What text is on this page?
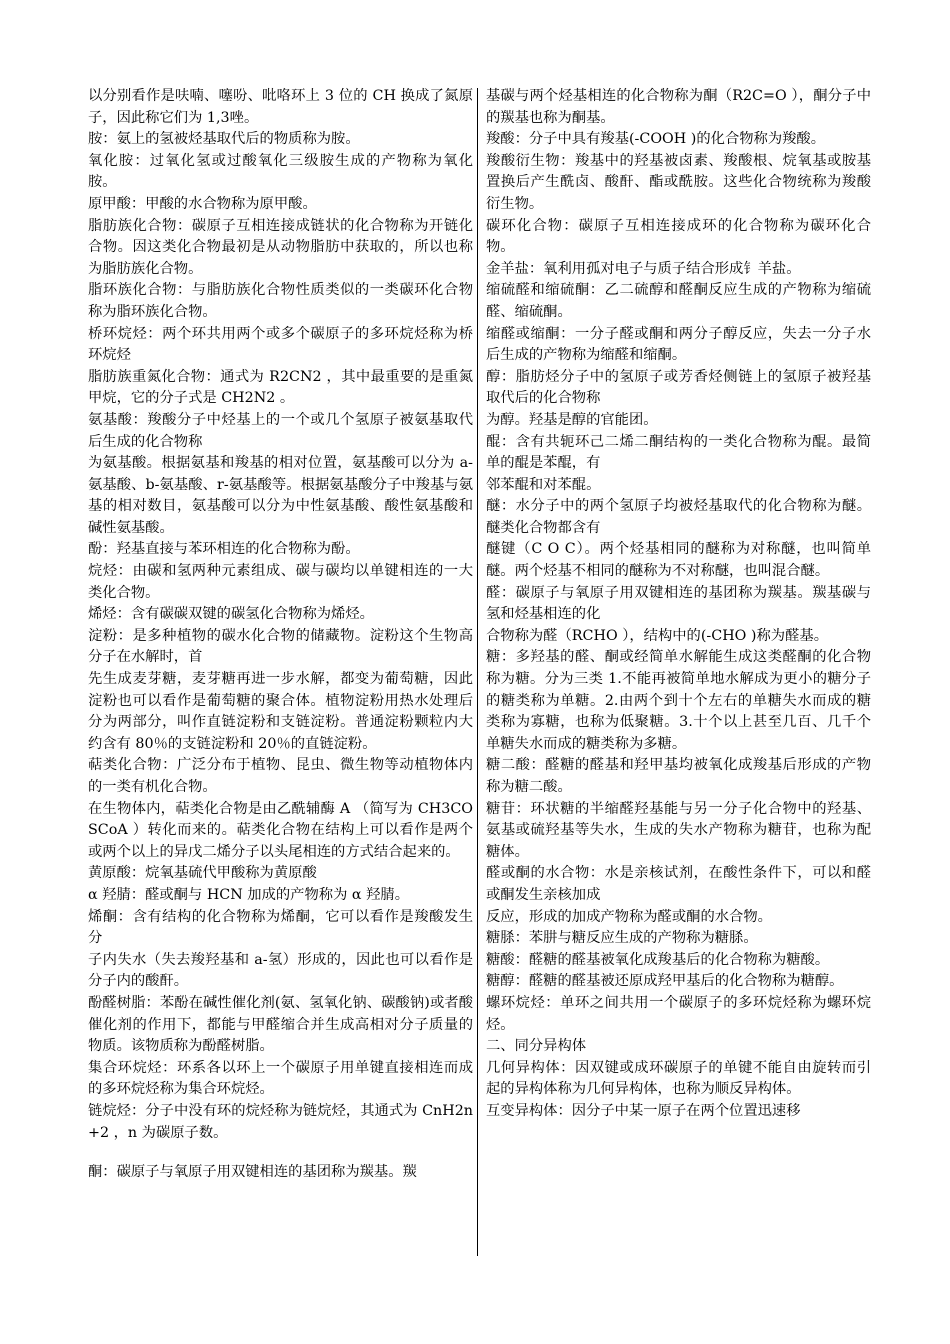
以分别看作是呋喃、噻吩、吡咯环上 3 位的 CH 换成了氮原子，因此称它们为 1,3唑。

胺：氨上的氢被烃基取代后的物质称为胺。

氧化胺：过氧化氢或过酸氧化三级胺生成的产物称为氧化胺。

原甲酸：甲酸的水合物称为原甲酸。

脂肪族化合物：碳原子互相连接成链状的化合物称为开链化合物。因这类化合物最初是从动物脂肪中获取的，所以也称为脂肪族化合物。

脂环族化合物：与脂肪族化合物性质类似的一类碳环化合物称为脂环族化合物。

桥环烷烃：两个环共用两个或多个碳原子的多环烷烃称为桥环烷烃

脂肪族重氮化合物：通式为 R2CN2 ，其中最重要的是重氮甲烷，它的分子式是 CH2N2 。

氨基酸：羧酸分子中烃基上的一个或几个氢原子被氨基取代后生成的化合物称

为氨基酸。根据氨基和羧基的相对位置，氨基酸可以分为 a-氨基酸、b-氨基酸、r-氨基酸等。根据氨基酸分子中羧基与氨基的相对数目，氨基酸可以分为中性氨基酸、酸性氨基酸和碱性氨基酸。

酚：羟基直接与苯环相连的化合物称为酚。

烷烃：由碳和氢两种元素组成、碳与碳均以单键相连的一大类化合物。

烯烃：含有碳碳双键的碳氢化合物称为烯烃。

淀粉：是多种植物的碳水化合物的储藏物。淀粉这个生物高分子在水解时，首

先生成麦芽糖，麦芽糖再进一步水解，都变为葡萄糖，因此淀粉也可以看作是葡萄糖的聚合体。植物淀粉用热水处理后分为两部分，叫作直链淀粉和支链淀粉。普通淀粉颗粒内大约含有 80％的支链淀粉和 20％的直链淀粉。

萜类化合物：广泛分布于植物、昆虫、微生物等动植物体内的一类有机化合物。

在生物体内，萜类化合物是由乙酰辅酶 A （简写为 CH3COSCoA ）转化而来的。萜类化合物在结构上可以看作是两个或两个以上的异戊二烯分子以头尾相连的方式结合起来的。

黄原酸：烷氧基硫代甲酸称为黄原酸

α 羟腈：醛或酮与 HCN 加成的产物称为 α 羟腈。

烯酮：含有结构的化合物称为烯酮，它可以看作是羧酸发生分

子内失水（失去羧羟基和 a-氢）形成的，因此也可以看作是分子内的酸酐。

酚醛树脂：苯酚在碱性催化剂(氨、氢氧化钠、碳酸钠)或者酸催化剂的作用下，都能与甲醛缩合并生成高相对分子质量的物质。该物质称为酚醛树脂。

集合环烷烃：环系各以环上一个碳原子用单键直接相连而成的多环烷烃称为集合环烷烃。

链烷烃：分子中没有环的烷烃称为链烷烃，其通式为 CnH2n+2 ，n 为碳原子数。

酮：碳原子与氧原子用双键相连的基团称为羰基。羰

基碳与两个烃基相连的化合物称为酮（R2C=O ），酮分子中的羰基也称为酮基。

羧酸：分子中具有羧基(-COOH )的化合物称为羧酸。

羧酸衍生物：羧基中的羟基被卤素、羧酸根、烷氧基或胺基置换后产生酰卤、酸酐、酯或酰胺。这些化合物统称为羧酸衍生物。

碳环化合物：碳原子互相连接成环的化合物称为碳环化合物。

金羊盐：氧利用孤对电子与质子结合形成钅羊盐。

缩硫醛和缩硫酮：乙二硫醇和醛酮反应生成的产物称为缩硫醛、缩硫酮。

缩醛或缩酮：一分子醛或酮和两分子醇反应，失去一分子水后生成的产物称为缩醛和缩酮。

醇：脂肪烃分子中的氢原子或芳香烃侧链上的氢原子被羟基取代后的化合物称

为醇。羟基是醇的官能团。

醌：含有共轭环己二烯二酮结构的一类化合物称为醌。最简单的醌是苯醌，有

邻苯醌和对苯醌。

醚：水分子中的两个氢原子均被烃基取代的化合物称为醚。醚类化合物都含有

醚键（C O C）。两个烃基相同的醚称为对称醚，也叫简单醚。两个烃基不相同的醚称为不对称醚，也叫混合醚。

醛：碳原子与氧原子用双键相连的基团称为羰基。羰基碳与氢和烃基相连的化

合物称为醛（RCHO ），结构中的(-CHO )称为醛基。

糖：多羟基的醛、酮或经简单水解能生成这类醛酮的化合物称为糖。分为三类 1.不能再被简单地水解成为更小的糖分子的糖类称为单糖。2.由两个到十个左右的单糖失水而成的糖类称为寡糖，也称为低聚糖。3.十个以上甚至几百、几千个单糖失水而成的糖类称为多糖。

糖二酸：醛糖的醛基和羟甲基均被氧化成羧基后形成的产物称为糖二酸。

糖苷：环状糖的半缩醛羟基能与另一分子化合物中的羟基、氨基或硫羟基等失水，生成的失水产物称为糖苷，也称为配糖体。

醛或酮的水合物：水是亲核试剂，在酸性条件下，可以和醛或酮发生亲核加成

反应，形成的加成产物称为醛或酮的水合物。

糖脎：苯肼与糖反应生成的产物称为糖脎。

糖酸：醛糖的醛基被氧化成羧基后的化合物称为糖酸。

糖醇：醛糖的醛基被还原成羟甲基后的化合物称为糖醇。

螺环烷烃：单环之间共用一个碳原子的多环烷烃称为螺环烷烃。

二、同分异构体

几何异构体：因双键或成环碳原子的单键不能自由旋转而引起的异构体称为几何异构体，也称为顺反异构体。

互变异构体：因分子中某一原子在两个位置迅速移
